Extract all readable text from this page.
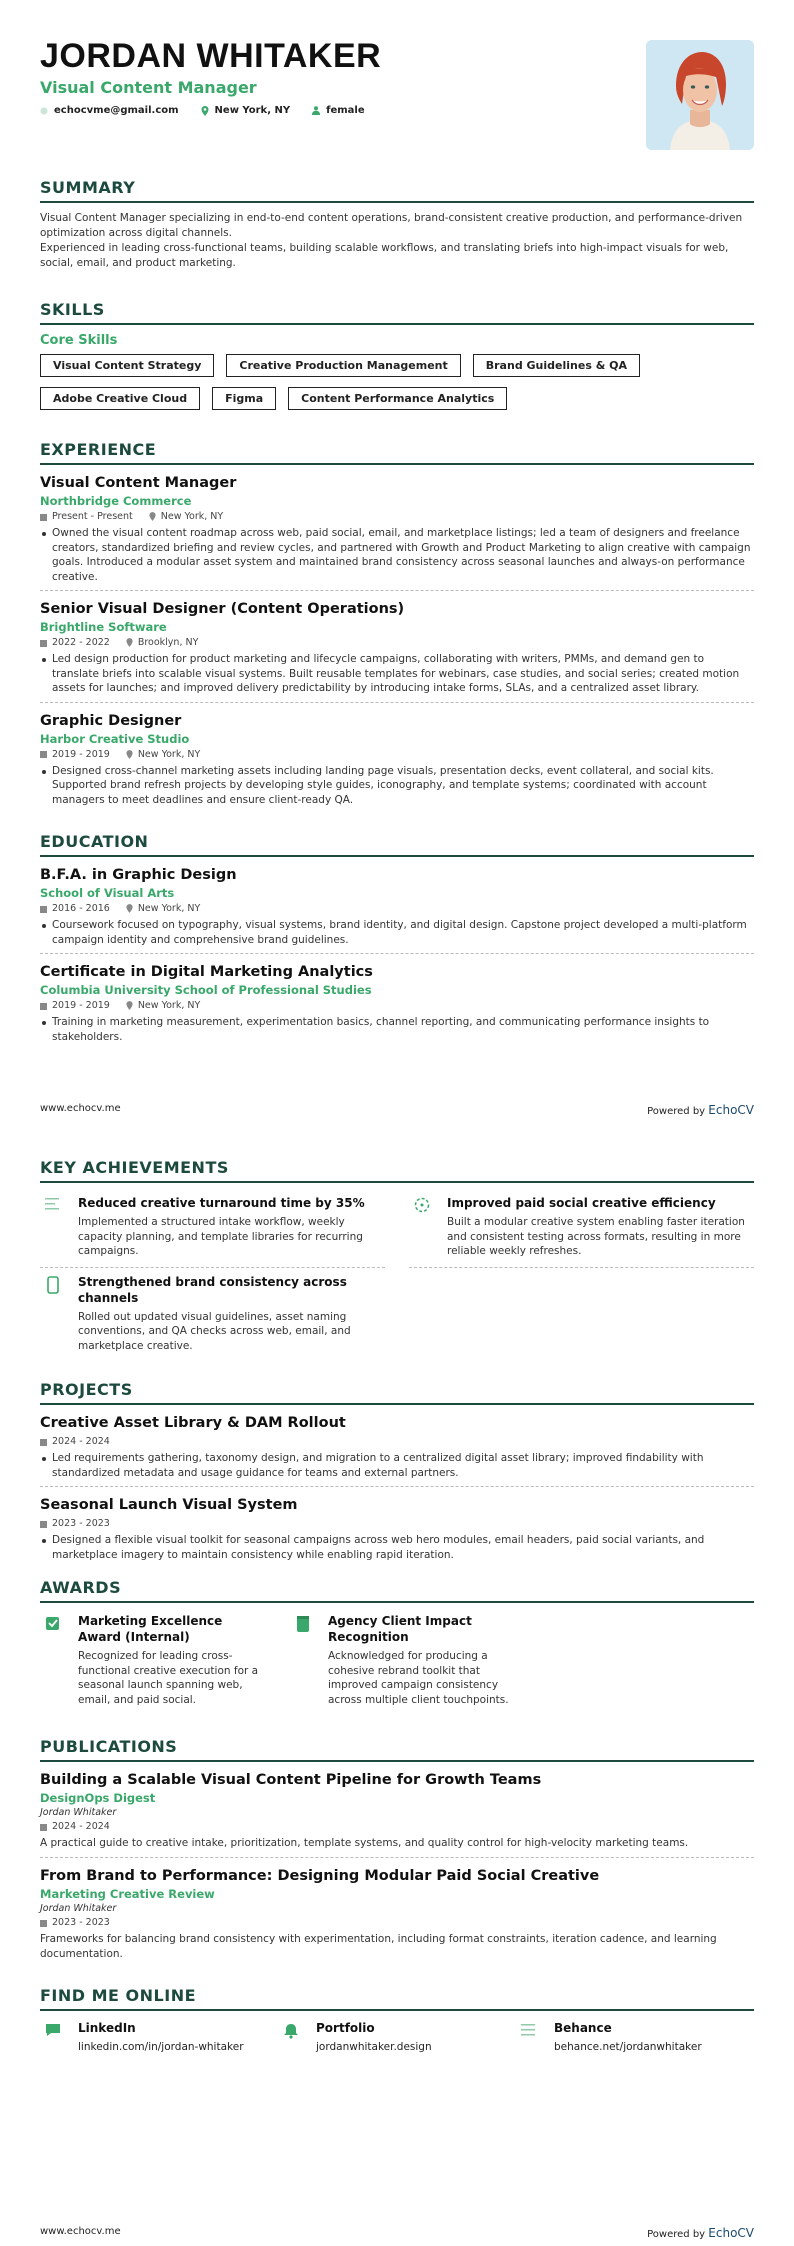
JORDAN WHITAKER
Visual Content Manager
echocvme@gmail.com	New York, NY	female
SUMMARY
Visual Content Manager specializing in end-to-end content operations, brand-consistent creative production, and performance-driven optimization across digital channels.
Experienced in leading cross-functional teams, building scalable workflows, and translating briefs into high-impact visuals for web, social, email, and product marketing.
SKILLS
Core Skills
Visual Content Strategy	Creative Production Management	Brand Guidelines & QA
Adobe Creative Cloud	Figma	Content Performance Analytics
EXPERIENCE
Visual Content Manager
Northbridge Commerce
Present - Present	New York, NY
Owned the visual content roadmap across web, paid social, email, and marketplace listings; led a team of designers and freelance creators, standardized briefing and review cycles, and partnered with Growth and Product Marketing to align creative with campaign goals. Introduced a modular asset system and maintained brand consistency across seasonal launches and always-on performance creative.
Senior Visual Designer (Content Operations)
Brightline Software
2022 - 2022	Brooklyn, NY
Led design production for product marketing and lifecycle campaigns, collaborating with writers, PMMs, and demand gen to translate briefs into scalable visual systems. Built reusable templates for webinars, case studies, and social series; created motion assets for launches; and improved delivery predictability by introducing intake forms, SLAs, and a centralized asset library.
Graphic Designer
Harbor Creative Studio
2019 - 2019	New York, NY
Designed cross-channel marketing assets including landing page visuals, presentation decks, event collateral, and social kits. Supported brand refresh projects by developing style guides, iconography, and template systems; coordinated with account managers to meet deadlines and ensure client-ready QA.
EDUCATION
B.F.A. in Graphic Design
School of Visual Arts
2016 - 2016	New York, NY
Coursework focused on typography, visual systems, brand identity, and digital design. Capstone project developed a multi-platform campaign identity and comprehensive brand guidelines.
Certificate in Digital Marketing Analytics
Columbia University School of Professional Studies
2019 - 2019	New York, NY
Training in marketing measurement, experimentation basics, channel reporting, and communicating performance insights to stakeholders.
www.echocv.me	Powered by EchoCV
KEY ACHIEVEMENTS
Reduced creative turnaround time by 35%
Implemented a structured intake workflow, weekly capacity planning, and template libraries for recurring campaigns.
Improved paid social creative efficiency
Built a modular creative system enabling faster iteration and consistent testing across formats, resulting in more reliable weekly refreshes.
Strengthened brand consistency across channels
Rolled out updated visual guidelines, asset naming conventions, and QA checks across web, email, and marketplace creative.
PROJECTS
Creative Asset Library & DAM Rollout
2024 - 2024
Led requirements gathering, taxonomy design, and migration to a centralized digital asset library; improved findability with standardized metadata and usage guidance for teams and external partners.
Seasonal Launch Visual System
2023 - 2023
Designed a flexible visual toolkit for seasonal campaigns across web hero modules, email headers, paid social variants, and marketplace imagery to maintain consistency while enabling rapid iteration.
AWARDS
Marketing Excellence Award (Internal)
Recognized for leading cross-functional creative execution for a seasonal launch spanning web, email, and paid social.
Agency Client Impact Recognition
Acknowledged for producing a cohesive rebrand toolkit that improved campaign consistency across multiple client touchpoints.
PUBLICATIONS
Building a Scalable Visual Content Pipeline for Growth Teams
DesignOps Digest
Jordan Whitaker
2024 - 2024
A practical guide to creative intake, prioritization, template systems, and quality control for high-velocity marketing teams.
From Brand to Performance: Designing Modular Paid Social Creative
Marketing Creative Review
Jordan Whitaker
2023 - 2023
Frameworks for balancing brand consistency with experimentation, including format constraints, iteration cadence, and learning documentation.
FIND ME ONLINE
LinkedIn
linkedin.com/in/jordan-whitaker
Portfolio
jordanwhitaker.design
Behance
behance.net/jordanwhitaker
www.echocv.me	Powered by EchoCV
